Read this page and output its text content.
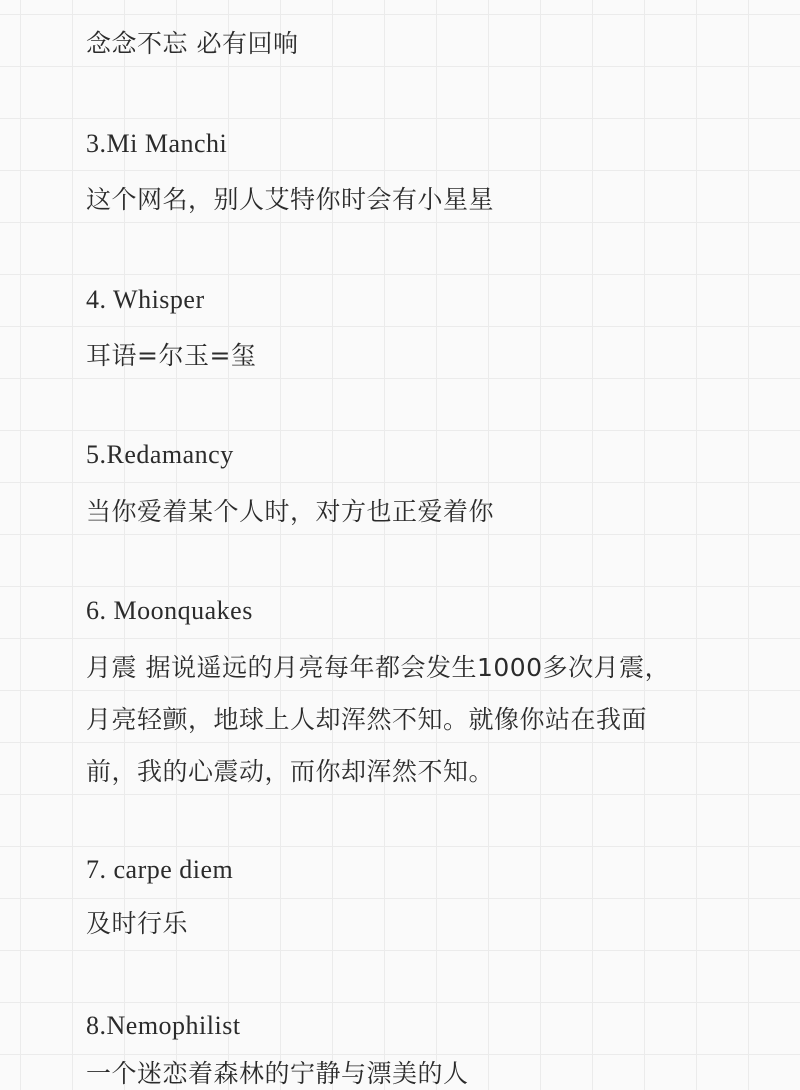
念念不忘 必有回响

3.Mi Manchi

这个网名，别人艾特你时会有小星星

4. Whisper

耳语=尔玉=玺

5.Redamancy

当你爱着某个人时，对方也正爱着你

6. Moonquakes

月震 据说遥远的月亮每年都会发生1000多次月震，

月亮轻颤，地球上人却浑然不知。就像你站在我面

前，我的心震动，而你却浑然不知。

7. carpe diem

及时行乐

8.Nemophilist

一个迷恋着森林的宁静与漂美的人
